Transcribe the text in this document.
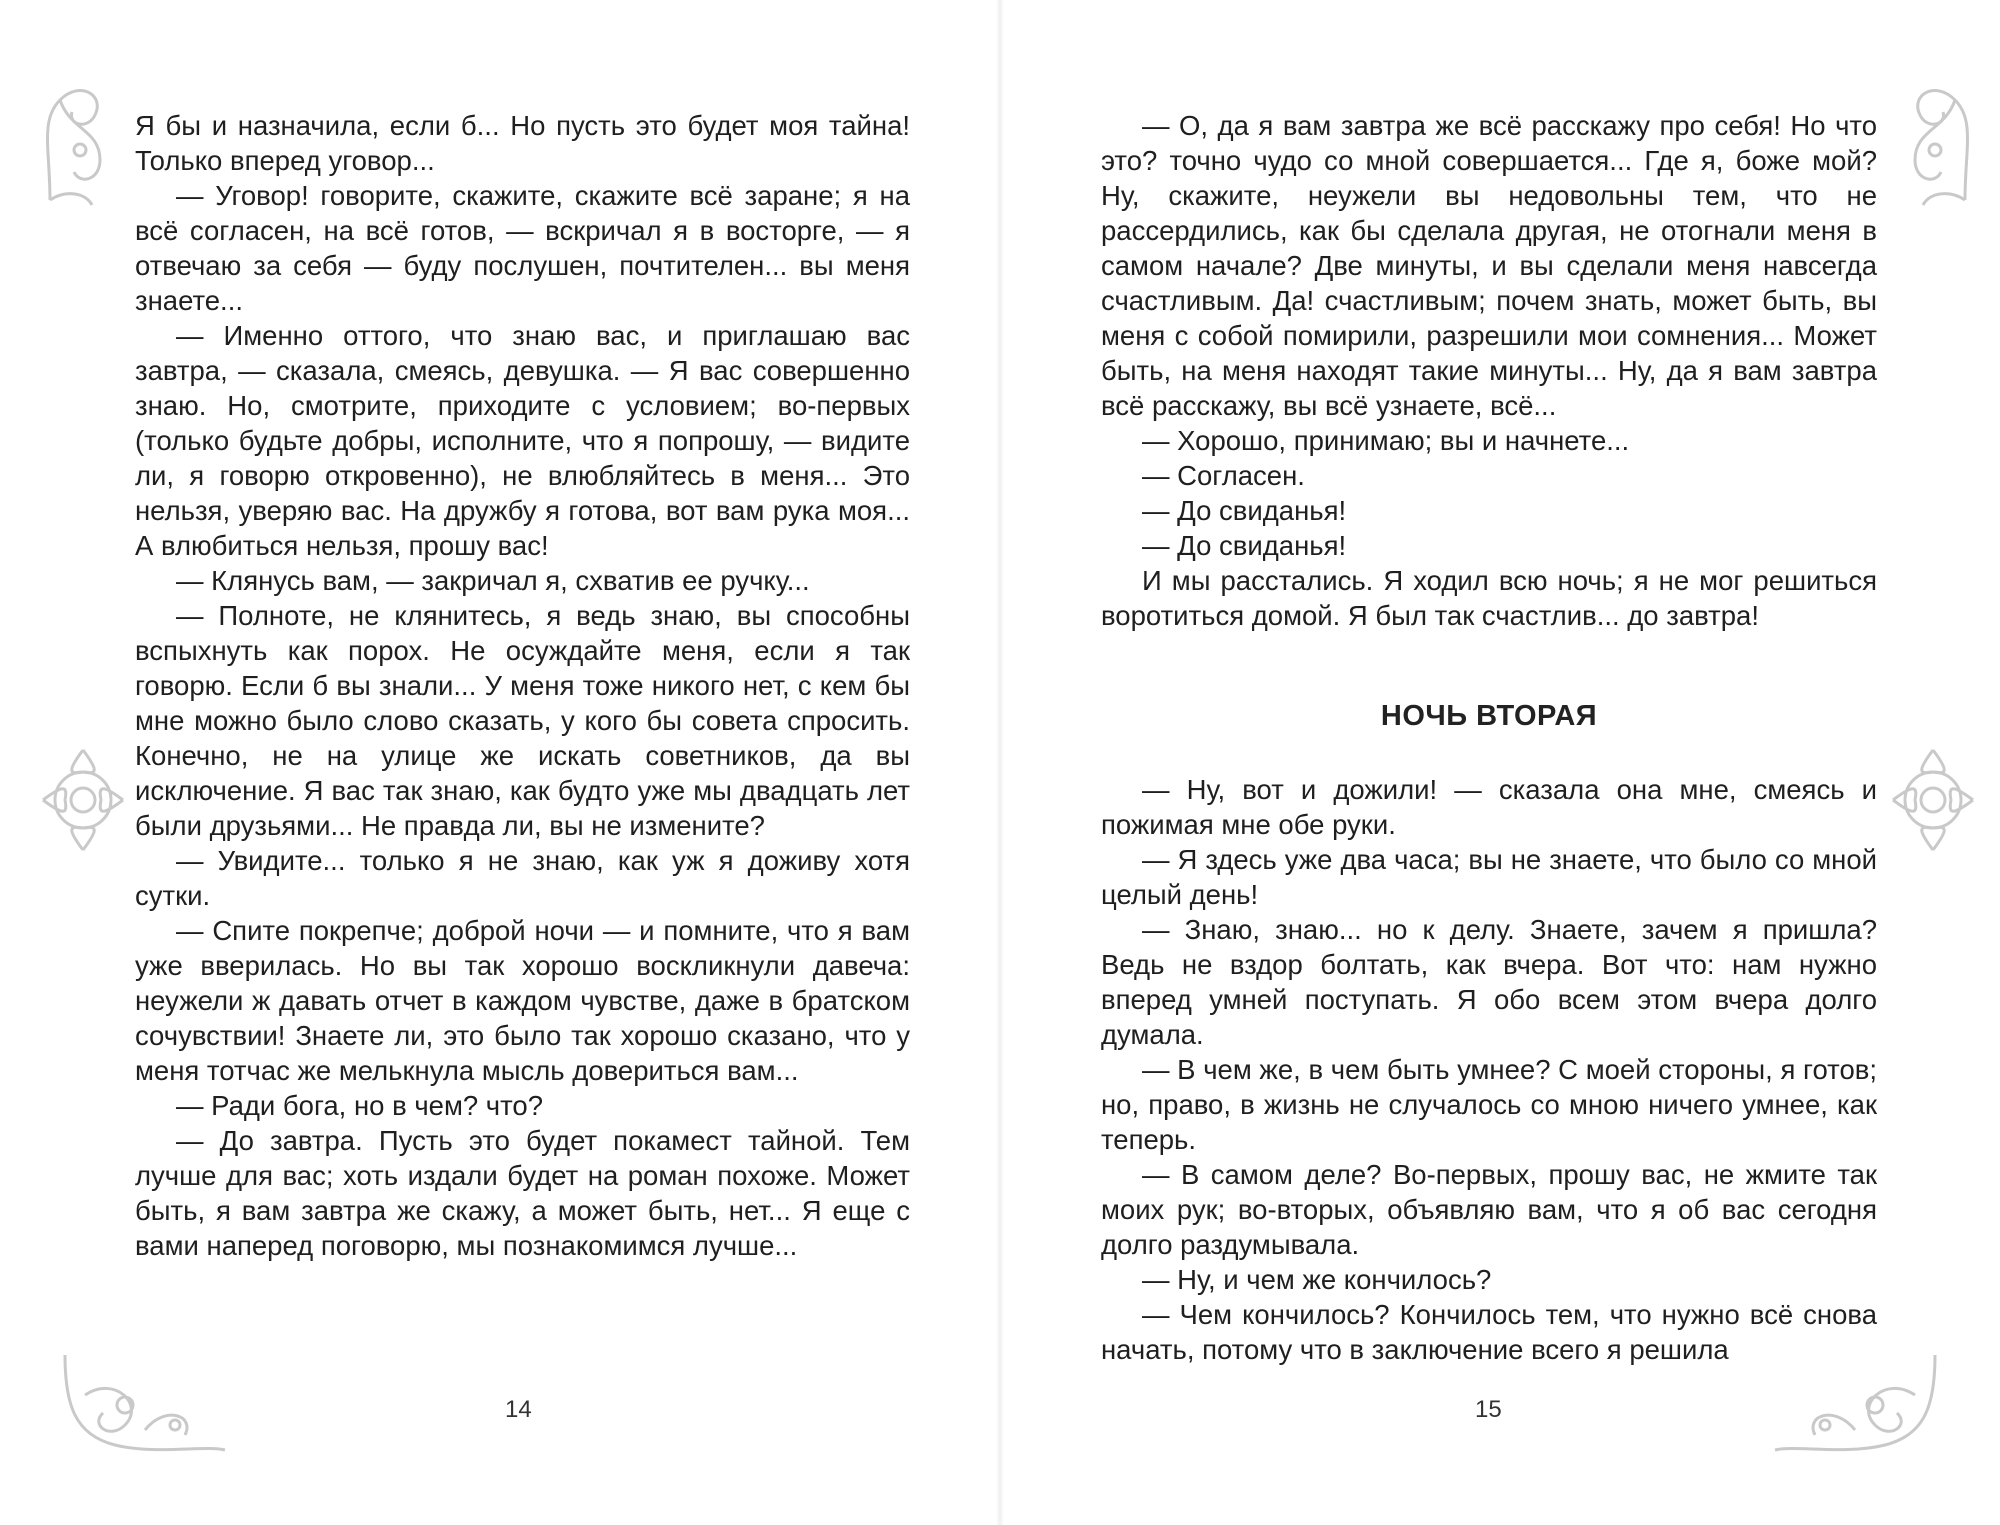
Я бы и назначила, если б... Но пусть это будет моя тайна! Только вперед уговор...

— Уговор! говорите, скажите, скажите всё заране; я на всё согласен, на всё готов, — вскричал я в восторге, — я отвечаю за себя — буду послушен, почтителен... вы меня знаете...

— Именно оттого, что знаю вас, и приглашаю вас завтра, — сказала, смеясь, девушка. — Я вас совершенно знаю. Но, смотрите, приходите с условием; во-первых (только будьте добры, исполните, что я попрошу, — видите ли, я говорю откровенно), не влюбляйтесь в меня... Это нельзя, уверяю вас. На дружбу я готова, вот вам рука моя... А влюбиться нельзя, прошу вас!

— Клянусь вам, — закричал я, схватив ее ручку...

— Полноте, не клянитесь, я ведь знаю, вы способны вспыхнуть как порох. Не осуждайте меня, если я так говорю. Если б вы знали... У меня тоже никого нет, с кем бы мне можно было слово сказать, у кого бы совета спросить. Конечно, не на улице же искать советников, да вы исключение. Я вас так знаю, как будто уже мы двадцать лет были друзьями... Не правда ли, вы не измените?

— Увидите... только я не знаю, как уж я доживу хотя сутки.

— Спите покрепче; доброй ночи — и помните, что я вам уже вверилась. Но вы так хорошо воскликнули давеча: неужели ж давать отчет в каждом чувстве, даже в братском сочувствии! Знаете ли, это было так хорошо сказано, что у меня тотчас же мелькнула мысль довериться вам...

— Ради бога, но в чем? что?

— До завтра. Пусть это будет покамест тайной. Тем лучше для вас; хоть издали будет на роман похоже. Может быть, я вам завтра же скажу, а может быть, нет... Я еще с вами наперед поговорю, мы познакомимся лучше...

14

— О, да я вам завтра же всё расскажу про себя! Но что это? точно чудо со мной совершается... Где я, боже мой? Ну, скажите, неужели вы недовольны тем, что не рассердились, как бы сделала другая, не отогнали меня в самом начале? Две минуты, и вы сделали меня навсегда счастливым. Да! счастливым; почем знать, может быть, вы меня с собой помирили, разрешили мои сомнения... Может быть, на меня находят такие минуты... Ну, да я вам завтра всё расскажу, вы всё узнаете, всё...

— Хорошо, принимаю; вы и начнете...

— Согласен.

— До свиданья!

— До свиданья!

И мы расстались. Я ходил всю ночь; я не мог решиться воротиться домой. Я был так счастлив... до завтра!

НОЧЬ ВТОРАЯ

— Ну, вот и дожили! — сказала она мне, смеясь и пожимая мне обе руки.

— Я здесь уже два часа; вы не знаете, что было со мной целый день!

— Знаю, знаю... но к делу. Знаете, зачем я пришла? Ведь не вздор болтать, как вчера. Вот что: нам нужно вперед умней поступать. Я обо всем этом вчера долго думала.

— В чем же, в чем быть умнее? С моей стороны, я готов; но, право, в жизнь не случалось со мною ничего умнее, как теперь.

— В самом деле? Во-первых, прошу вас, не жмите так моих рук; во-вторых, объявляю вам, что я об вас сегодня долго раздумывала.

— Ну, и чем же кончилось?

— Чем кончилось? Кончилось тем, что нужно всё снова начать, потому что в заключение всего я решила

15
